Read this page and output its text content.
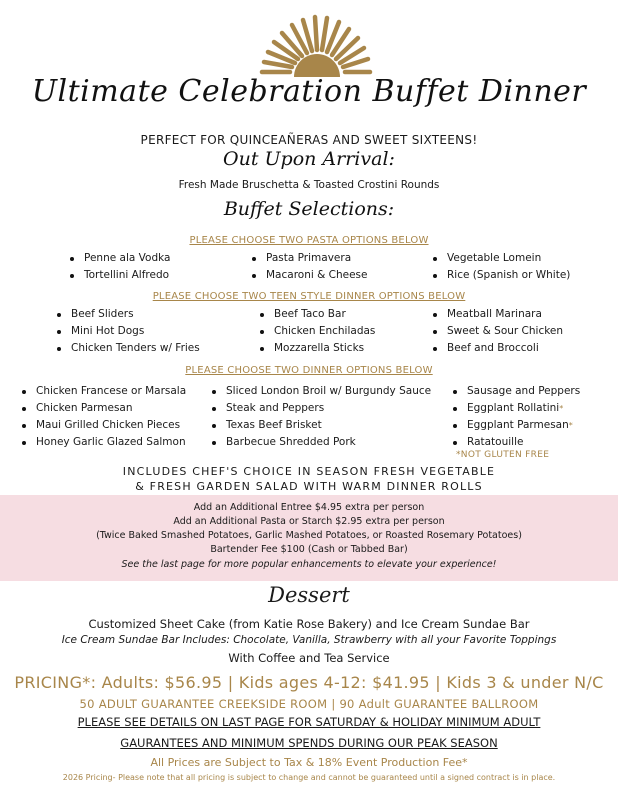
Ultimate Celebration Buffet Dinner
PERFECT FOR QUINCEAÑERAS AND SWEET SIXTEENS!
Out Upon Arrival:
Fresh Made Bruschetta & Toasted Crostini Rounds
Buffet Selections:
PLEASE CHOOSE TWO PASTA OPTIONS BELOW
Penne ala Vodka
Tortellini Alfredo
Pasta Primavera
Macaroni & Cheese
Vegetable Lomein
Rice (Spanish or White)
PLEASE CHOOSE TWO TEEN STYLE DINNER OPTIONS BELOW
Beef Sliders
Mini Hot Dogs
Chicken Tenders w/ Fries
Beef Taco Bar
Chicken Enchiladas
Mozzarella Sticks
Meatball Marinara
Sweet & Sour Chicken
Beef and Broccoli
PLEASE CHOOSE TWO DINNER OPTIONS BELOW
Chicken Francese or Marsala
Chicken Parmesan
Maui Grilled Chicken Pieces
Honey Garlic Glazed Salmon
Sliced London Broil w/ Burgundy Sauce
Steak and Peppers
Texas Beef Brisket
Barbecue Shredded Pork
Sausage and Peppers
Eggplant Rollatini*
Eggplant Parmesan*
Ratatouille
*NOT GLUTEN FREE
INCLUDES CHEF'S CHOICE IN SEASON FRESH VEGETABLE
& FRESH GARDEN SALAD WITH WARM DINNER ROLLS
Add an Additional Entree $4.95 extra per person
Add an Additional Pasta or Starch $2.95 extra per person
(Twice Baked Smashed Potatoes, Garlic Mashed Potatoes, or Roasted Rosemary Potatoes)
Bartender Fee $100 (Cash or Tabbed Bar)
See the last page for more popular enhancements to elevate your experience!
Dessert
Customized Sheet Cake (from Katie Rose Bakery) and Ice Cream Sundae Bar
Ice Cream Sundae Bar Includes: Chocolate, Vanilla, Strawberry with all your Favorite Toppings
With Coffee and Tea Service
PRICING*: Adults: $56.95 | Kids ages 4-12: $41.95 | Kids 3 & under N/C
50 ADULT GUARANTEE CREEKSIDE ROOM | 90 Adult GUARANTEE BALLROOM
PLEASE SEE DETAILS ON LAST PAGE FOR SATURDAY & HOLIDAY MINIMUM ADULT
GAURANTEES AND MINIMUM SPENDS DURING OUR PEAK SEASON
All Prices are Subject to Tax & 18% Event Production Fee*
2026 Pricing- Please note that all pricing is subject to change and cannot be guaranteed until a signed contract is in place.
